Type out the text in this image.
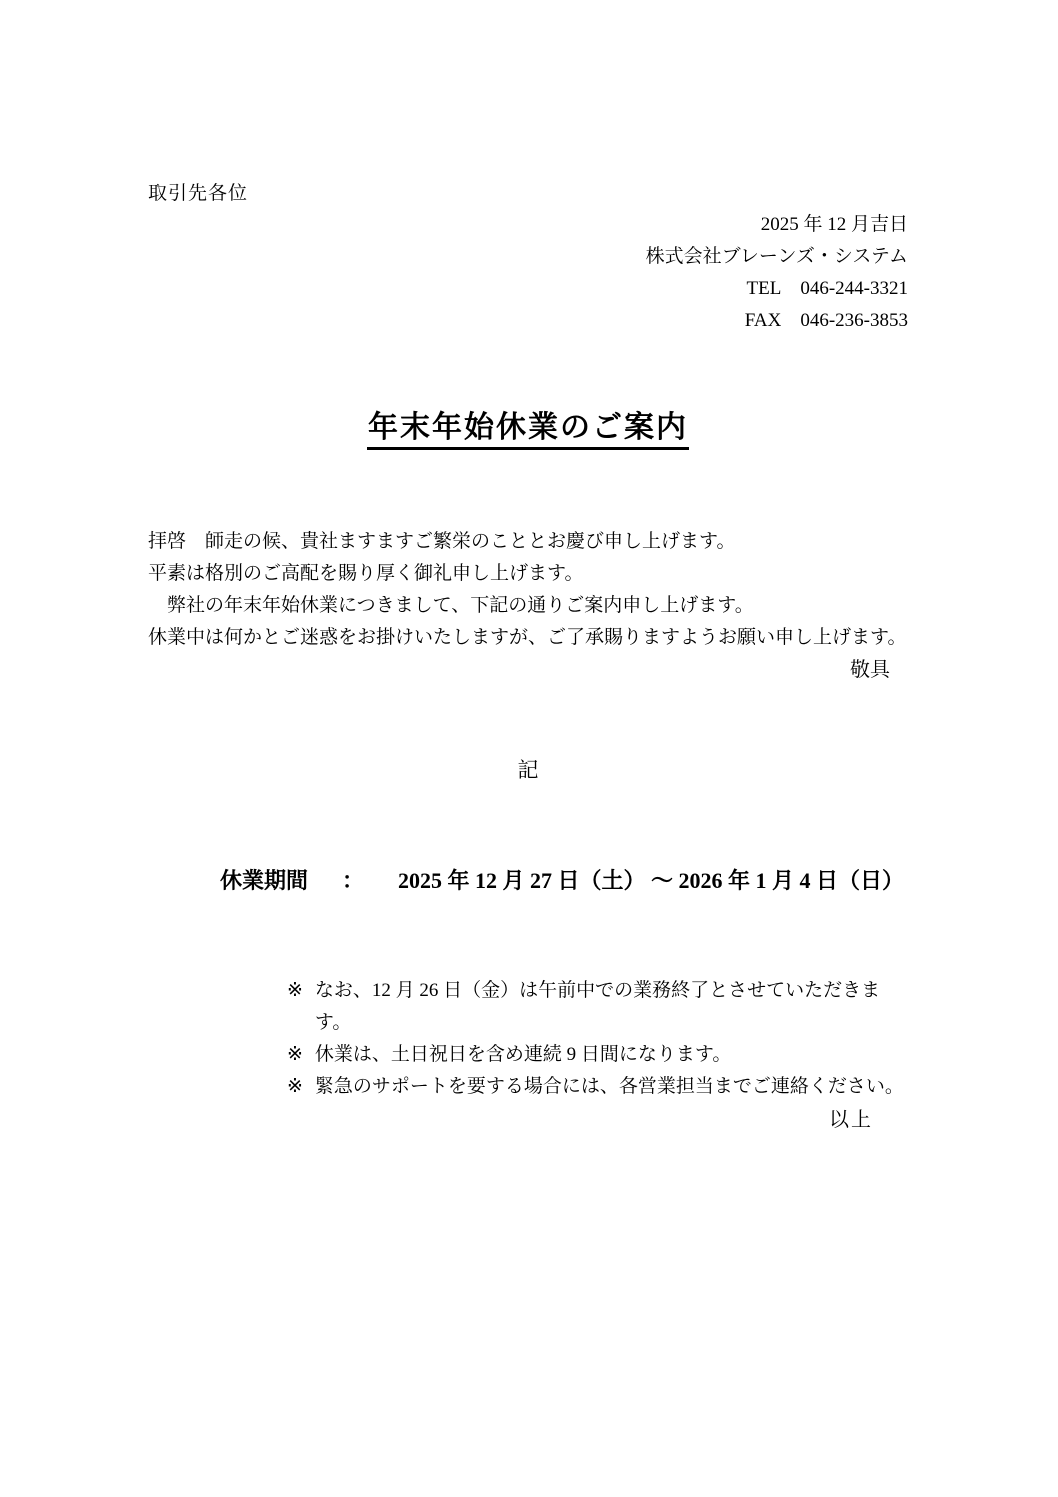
取引先各位
2025 年 12 月吉日
株式会社ブレーンズ・システム
TEL 046-244-3321
FAX 046-236-3853
年末年始休業のご案内
拝啓　師走の候、貴社ますますご繁栄のこととお慶び申し上げます。
平素は格別のご高配を賜り厚く御礼申し上げます。
　弊社の年末年始休業につきまして、下記の通りご案内申し上げます。
休業中は何かとご迷惑をお掛けいたしますが、ご了承賜りますようお願い申し上げます。
敬具
記
休業期間 ： 2025 年 12 月 27 日（土） ～ 2026 年 1 月 4 日（日）
※ なお、12 月 26 日（金）は午前中での業務終了とさせていただきます。
※ 休業は、土日祝日を含め連続 9 日間になります。
※ 緊急のサポートを要する場合には、各営業担当までご連絡ください。
以上
